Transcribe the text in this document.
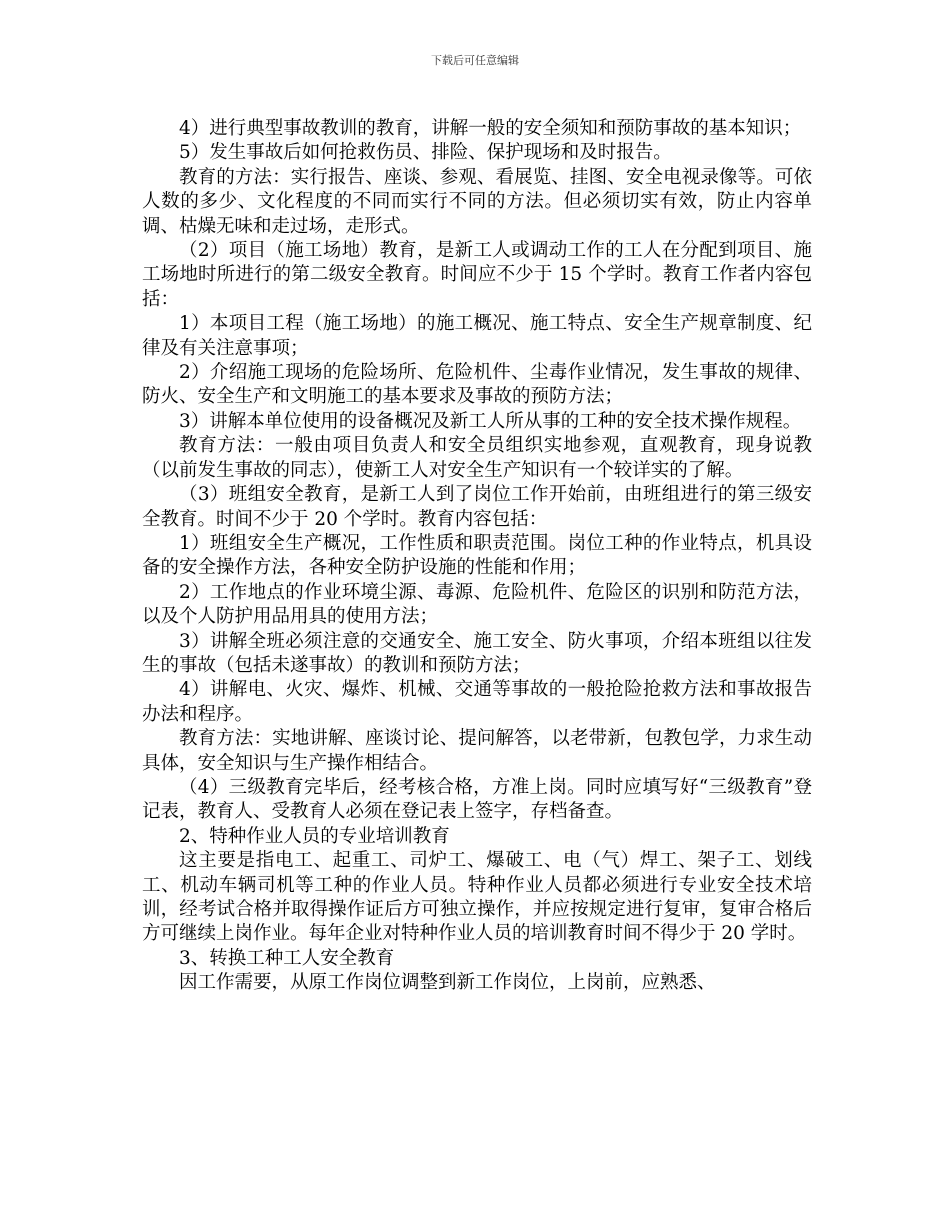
下载后可任意编辑

4）进行典型事故教训的教育，讲解一般的安全须知和预防事故的基本知识；

5）发生事故后如何抢救伤员、排险、保护现场和及时报告。

教育的方法：实行报告、座谈、参观、看展览、挂图、安全电视录像等。可依人数的多少、文化程度的不同而实行不同的方法。但必须切实有效，防止内容单调、枯燥无味和走过场，走形式。

（2）项目（施工场地）教育，是新工人或调动工作的工人在分配到项目、施工场地时所进行的第二级安全教育。时间应不少于 15 个学时。教育工作者内容包括：

1）本项目工程（施工场地）的施工概况、施工特点、安全生产规章制度、纪律及有关注意事项；

2）介绍施工现场的危险场所、危险机件、尘毒作业情况，发生事故的规律、防火、安全生产和文明施工的基本要求及事故的预防方法；

3）讲解本单位使用的设备概况及新工人所从事的工种的安全技术操作规程。

教育方法：一般由项目负责人和安全员组织实地参观，直观教育，现身说教（以前发生事故的同志），使新工人对安全生产知识有一个较详实的了解。

（3）班组安全教育，是新工人到了岗位工作开始前，由班组进行的第三级安全教育。时间不少于 20 个学时。教育内容包括：

1）班组安全生产概况，工作性质和职责范围。岗位工种的作业特点，机具设备的安全操作方法，各种安全防护设施的性能和作用；

2）工作地点的作业环境尘源、毒源、危险机件、危险区的识别和防范方法，以及个人防护用品用具的使用方法；

3）讲解全班必须注意的交通安全、施工安全、防火事项，介绍本班组以往发生的事故（包括未遂事故）的教训和预防方法；

4）讲解电、火灾、爆炸、机械、交通等事故的一般抢险抢救方法和事故报告办法和程序。

教育方法：实地讲解、座谈讨论、提问解答，以老带新，包教包学，力求生动具体，安全知识与生产操作相结合。

（4）三级教育完毕后，经考核合格，方准上岗。同时应填写好“三级教育”登记表，教育人、受教育人必须在登记表上签字，存档备查。

2、特种作业人员的专业培训教育

这主要是指电工、起重工、司炉工、爆破工、电（气）焊工、架子工、划线工、机动车辆司机等工种的作业人员。特种作业人员都必须进行专业安全技术培训，经考试合格并取得操作证后方可独立操作，并应按规定进行复审，复审合格后方可继续上岗作业。每年企业对特种作业人员的培训教育时间不得少于 20 学时。

3、转换工种工人安全教育

因工作需要，从原工作岗位调整到新工作岗位，上岗前，应熟悉、
